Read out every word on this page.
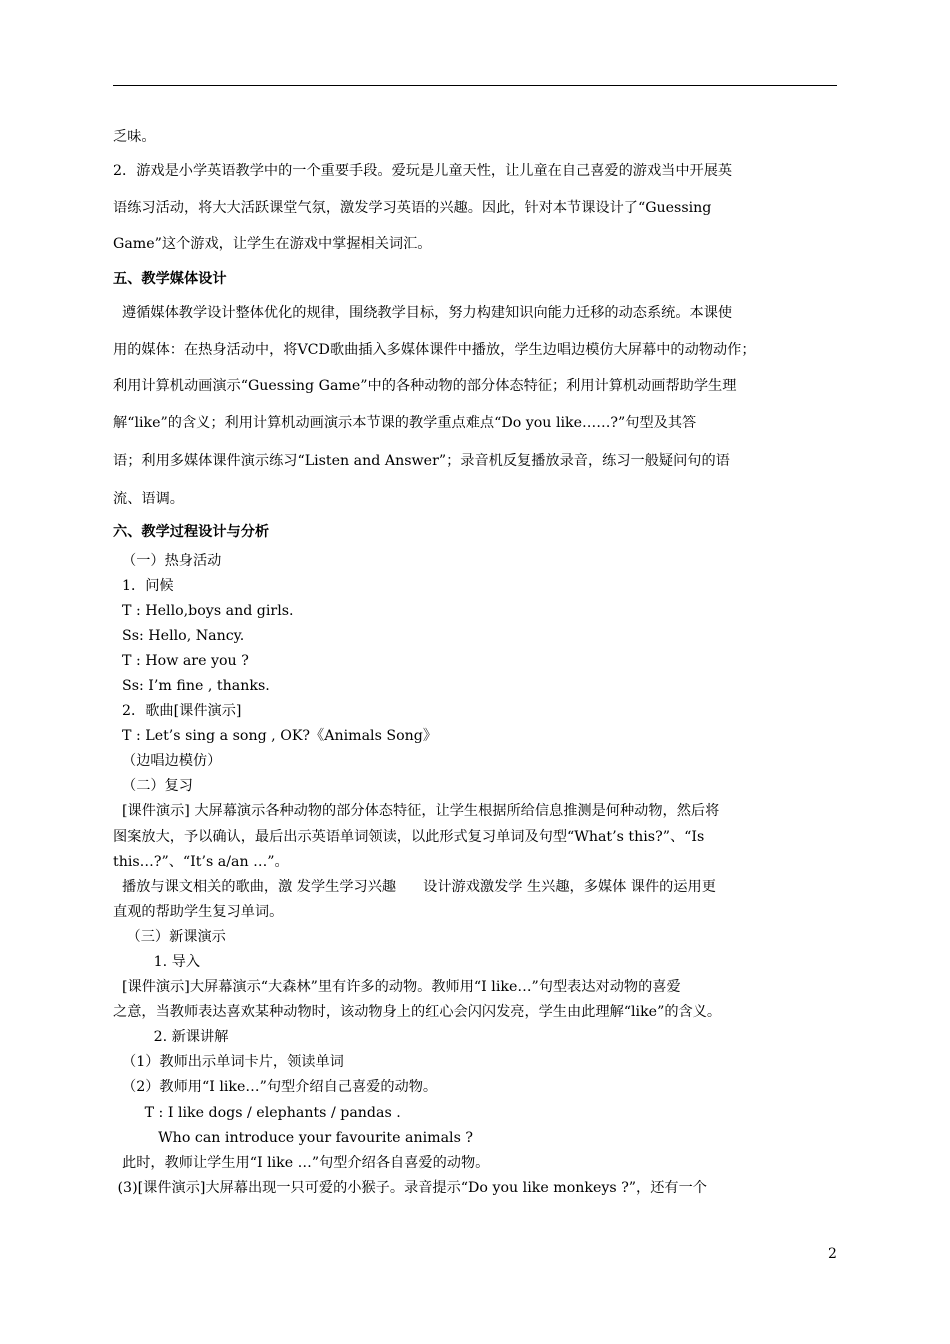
乏味。
2．游戏是小学英语教学中的一个重要手段。爱玩是儿童天性，让儿童在自己喜爱的游戏当中开展英
语练习活动，将大大活跃课堂气氛，激发学习英语的兴趣。因此，针对本节课设计了“Guessing
Game”这个游戏，让学生在游戏中掌握相关词汇。
五、教学媒体设计
遵循媒体教学设计整体优化的规律，围绕教学目标，努力构建知识向能力迁移的动态系统。本课使
用的媒体：在热身活动中，将VCD歌曲插入多媒体课件中播放，学生边唱边模仿大屏幕中的动物动作；
利用计算机动画演示“Guessing Game”中的各种动物的部分体态特征；利用计算机动画帮助学生理
解“like”的含义；利用计算机动画演示本节课的教学重点难点“Do you like……?”句型及其答
语；利用多媒体课件演示练习“Listen and Answer”；录音机反复播放录音，练习一般疑问句的语
流、语调。
六、教学过程设计与分析
（一）热身活动
1．问候
T : Hello,boys and girls.
Ss: Hello, Nancy.
T : How are you ?
Ss: I’m fine , thanks.
2．歌曲[课件演示]
T : Let’s sing a song , OK?《Animals Song》
（边唱边模仿）
（二）复习
[课件演示] 大屏幕演示各种动物的部分体态特征，让学生根据所给信息推测是何种动物，然后将
图案放大，予以确认，最后出示英语单词领读，以此形式复习单词及句型“What’s this?”、“Is
this…?”、“It’s a/an …”。
播放与课文相关的歌曲，激 发学生学习兴趣      设计游戏激发学 生兴趣，多媒体 课件的运用更
直观的帮助学生复习单词。
（三）新课演示
1. 导入
[课件演示]大屏幕演示“大森林”里有许多的动物。教师用“I like…”句型表达对动物的喜爱
之意，当教师表达喜欢某种动物时，该动物身上的红心会闪闪发亮，学生由此理解“like”的含义。
2. 新课讲解
（1）教师出示单词卡片，领读单词
（2）教师用“I like…”句型介绍自己喜爱的动物。
T : I like dogs / elephants / pandas .
Who can introduce your favourite animals ?
此时，教师让学生用“I like …”句型介绍各自喜爱的动物。
(3)[课件演示]大屏幕出现一只可爱的小猴子。录音提示“Do you like monkeys ?”，还有一个
2
